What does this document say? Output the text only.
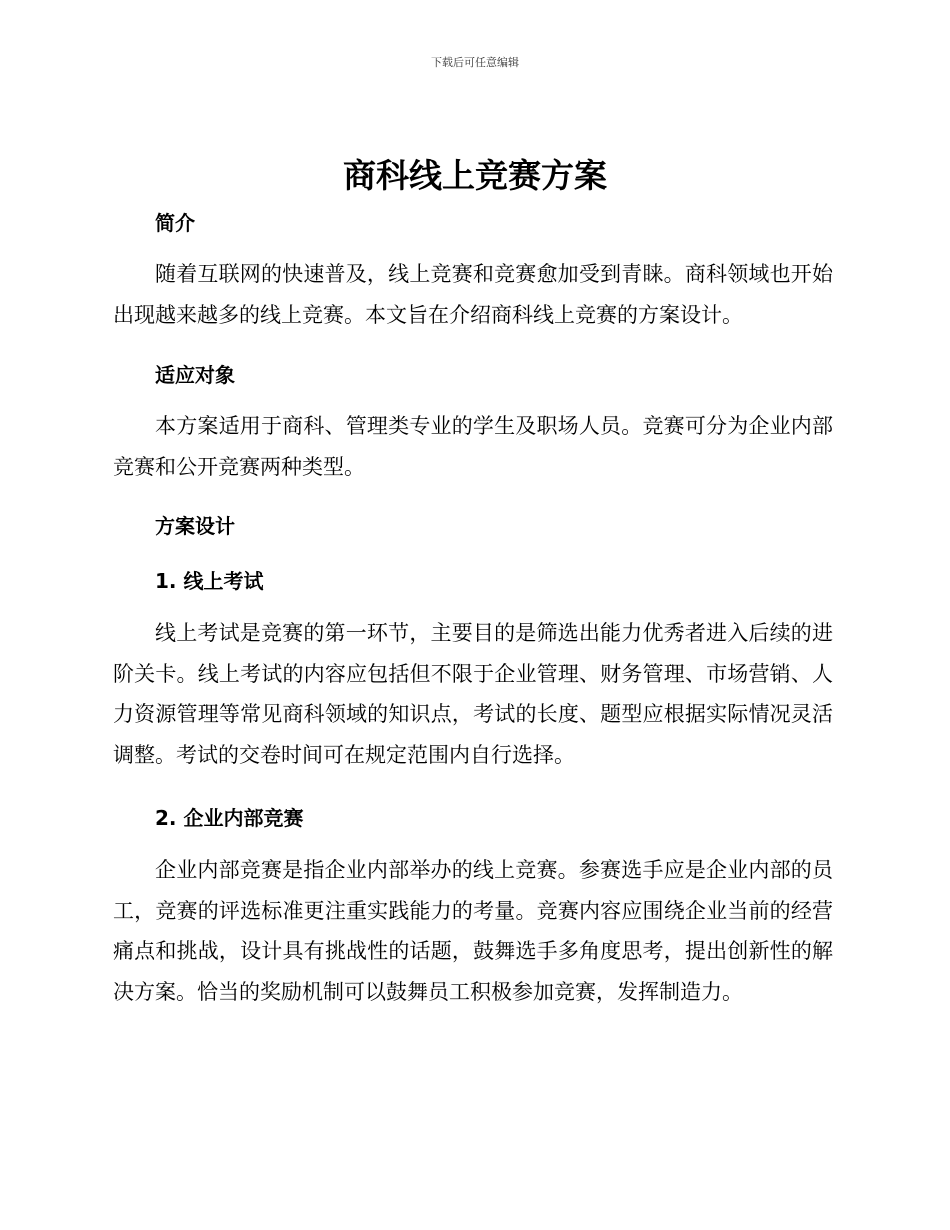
下载后可任意编辑
商科线上竞赛方案
简介

随着互联网的快速普及，线上竞赛和竞赛愈加受到青睐。商科领域也开始出现越来越多的线上竞赛。本文旨在介绍商科线上竞赛的方案设计。

适应对象

本方案适用于商科、管理类专业的学生及职场人员。竞赛可分为企业内部竞赛和公开竞赛两种类型。

方案设计
1. 线上考试

线上考试是竞赛的第一环节，主要目的是筛选出能力优秀者进入后续的进阶关卡。线上考试的内容应包括但不限于企业管理、财务管理、市场营销、人力资源管理等常见商科领域的知识点，考试的长度、题型应根据实际情况灵活调整。考试的交卷时间可在规定范围内自行选择。

2. 企业内部竞赛

企业内部竞赛是指企业内部举办的线上竞赛。参赛选手应是企业内部的员工，竞赛的评选标准更注重实践能力的考量。竞赛内容应围绕企业当前的经营痛点和挑战，设计具有挑战性的话题，鼓舞选手多角度思考，提出创新性的解决方案。恰当的奖励机制可以鼓舞员工积极参加竞赛，发挥制造力。
